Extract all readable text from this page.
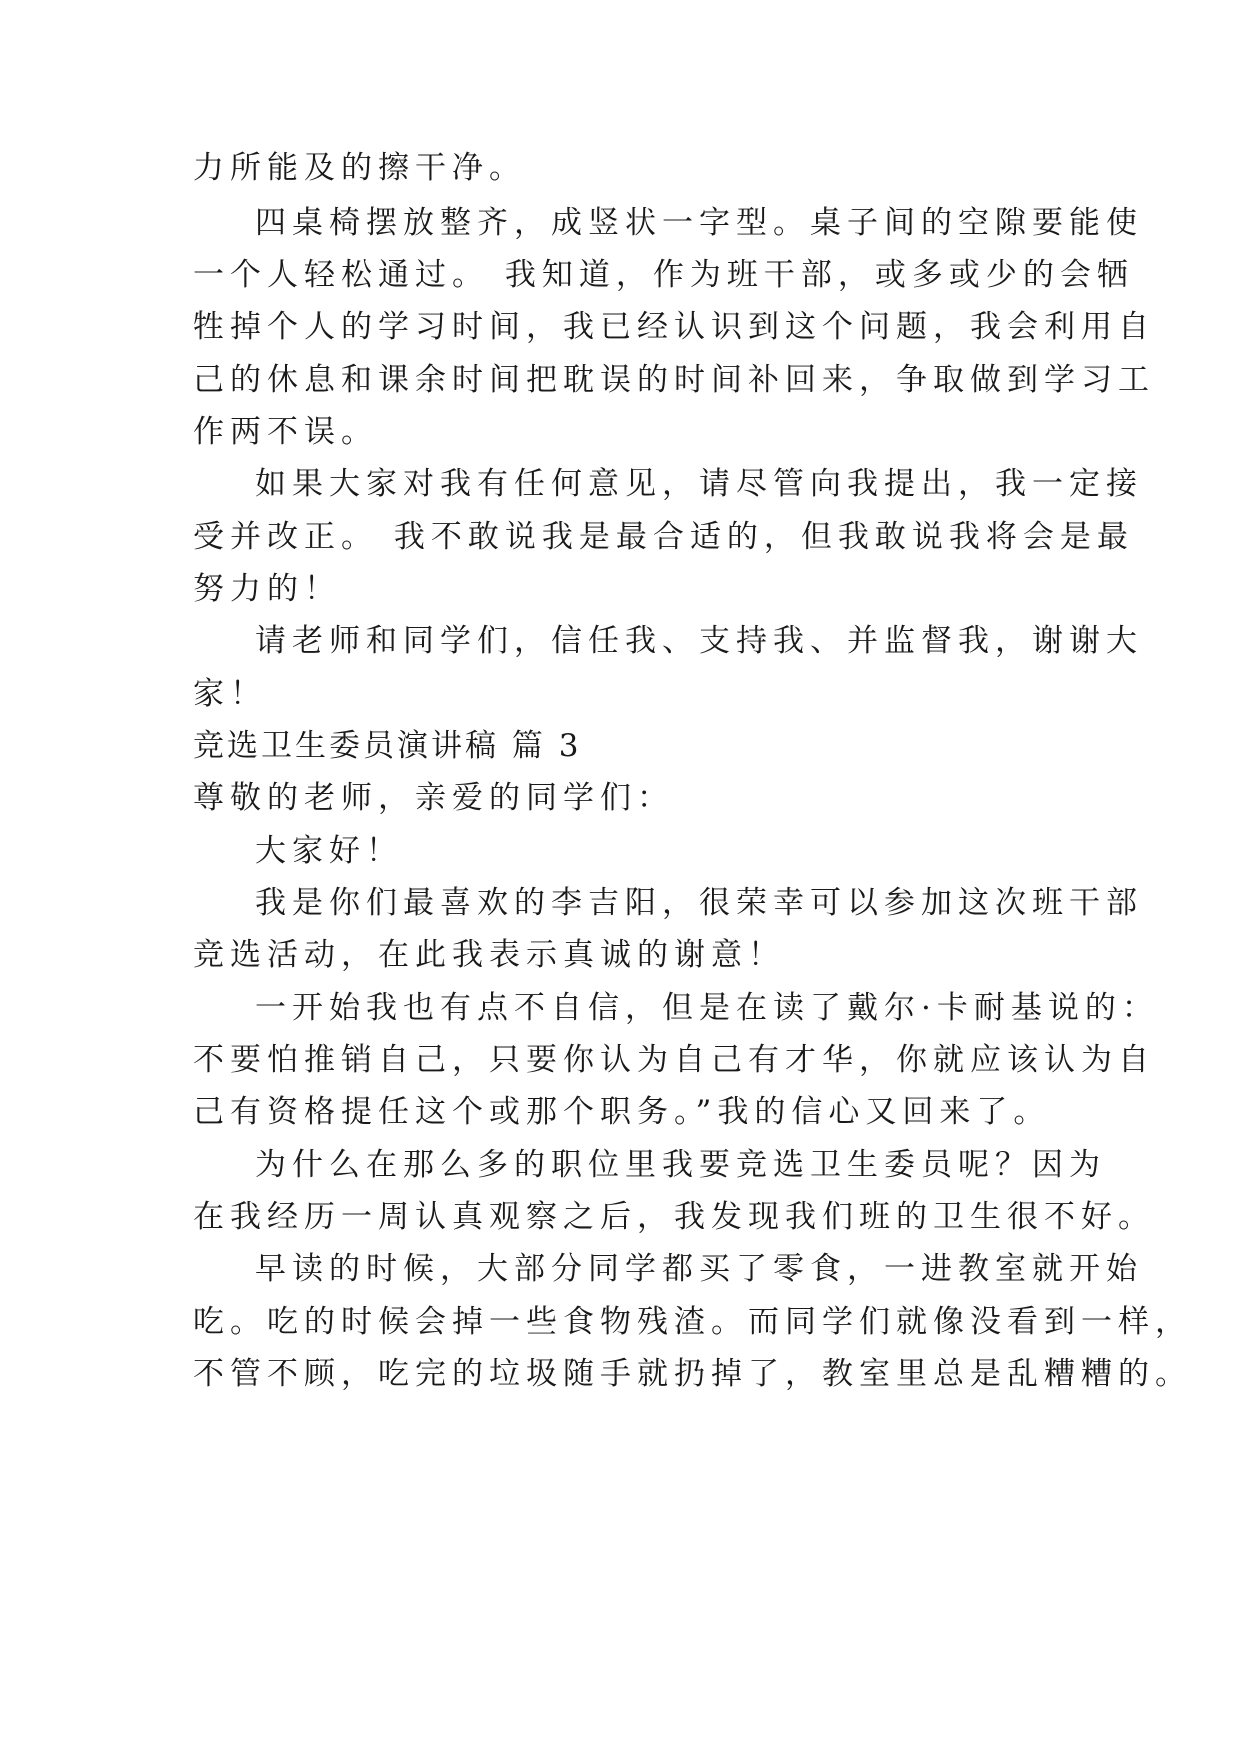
力所能及的擦干净。
四桌椅摆放整齐，成竖状一字型。桌子间的空隙要能使
一个人轻松通过。 我知道，作为班干部，或多或少的会牺
牲掉个人的学习时间，我已经认识到这个问题，我会利用自
己的休息和课余时间把耽误的时间补回来，争取做到学习工
作两不误。
如果大家对我有任何意见，请尽管向我提出，我一定接
受并改正。 我不敢说我是最合适的，但我敢说我将会是最
努力的！
请老师和同学们，信任我、支持我、并监督我，谢谢大
家！
竞选卫生委员演讲稿 篇 3
尊敬的老师，亲爱的同学们：
大家好！
我是你们最喜欢的李吉阳，很荣幸可以参加这次班干部
竞选活动，在此我表示真诚的谢意！
一开始我也有点不自信，但是在读了戴尔·卡耐基说的：
不要怕推销自己，只要你认为自己有才华，你就应该认为自
己有资格提任这个或那个职务。”我的信心又回来了。
为什么在那么多的职位里我要竞选卫生委员呢？因为
在我经历一周认真观察之后，我发现我们班的卫生很不好。
早读的时候，大部分同学都买了零食，一进教室就开始
吃。吃的时候会掉一些食物残渣。而同学们就像没看到一样，
不管不顾，吃完的垃圾随手就扔掉了，教室里总是乱糟糟的。
